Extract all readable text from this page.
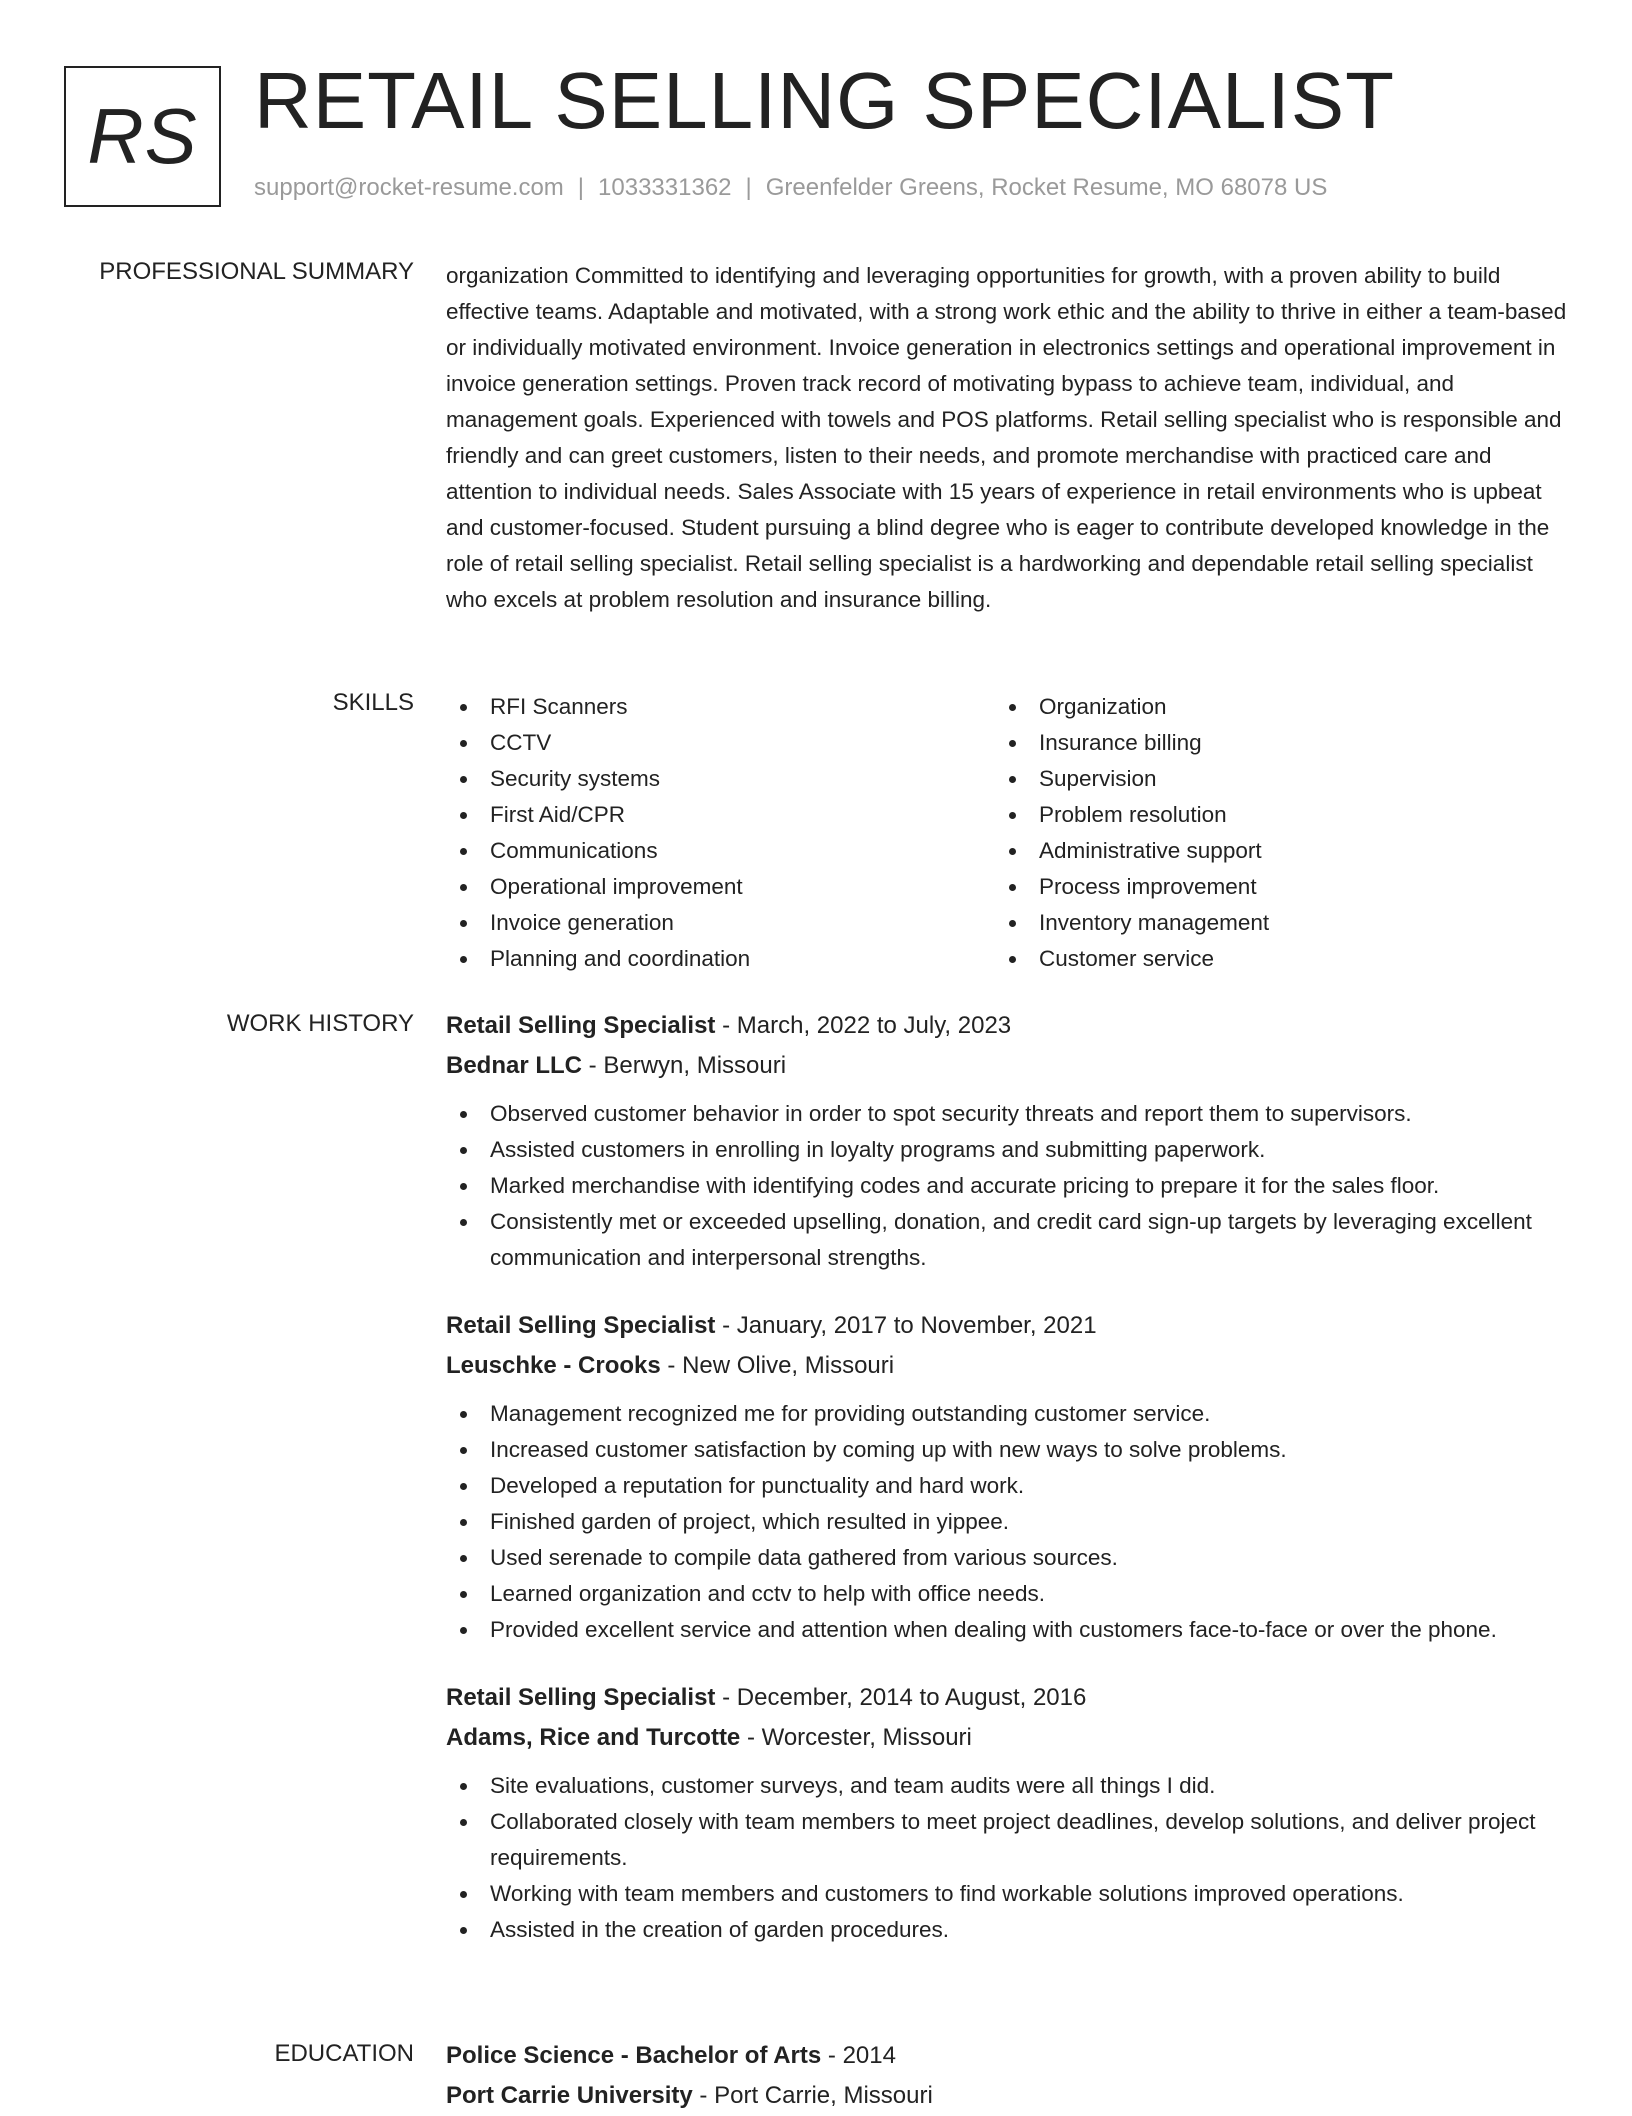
RS RETAIL SELLING SPECIALIST
support@rocket-resume.com | 1033331362 | Greenfelder Greens, Rocket Resume, MO 68078 US
PROFESSIONAL SUMMARY organization Committed to identifying and leveraging opportunities for growth, with a proven ability to build effective teams. Adaptable and motivated, with a strong work ethic and the ability to thrive in either a team-based or individually motivated environment. Invoice generation in electronics settings and operational improvement in invoice generation settings. Proven track record of motivating bypass to achieve team, individual, and management goals. Experienced with towels and POS platforms. Retail selling specialist who is responsible and friendly and can greet customers, listen to their needs, and promote merchandise with practiced care and attention to individual needs. Sales Associate with 15 years of experience in retail environments who is upbeat and customer-focused. Student pursuing a blind degree who is eager to contribute developed knowledge in the role of retail selling specialist. Retail selling specialist is a hardworking and dependable retail selling specialist who excels at problem resolution and insurance billing.

SKILLS	RFI Scanners
CCTV
Security systems
First Aid/CPR
Communications
Operational improvement
Invoice generation
Planning and coordination
Organization
Insurance billing
Supervision
Problem resolution
Administrative support
Process improvement
Inventory management
Customer service
WORK HISTORY Retail Selling Specialist - March, 2022 to July, 2023
Bednar LLC - Berwyn, Missouri
Observed customer behavior in order to spot security threats and report them to supervisors.
Assisted customers in enrolling in loyalty programs and submitting paperwork.
Marked merchandise with identifying codes and accurate pricing to prepare it for the sales floor.
Consistently met or exceeded upselling, donation, and credit card sign-up targets by leveraging excellent communication and interpersonal strengths.
Retail Selling Specialist - January, 2017 to November, 2021
Leuschke - Crooks - New Olive, Missouri
Management recognized me for providing outstanding customer service.
Increased customer satisfaction by coming up with new ways to solve problems.
Developed a reputation for punctuality and hard work.
Finished garden of project, which resulted in yippee.
Used serenade to compile data gathered from various sources.
Learned organization and cctv to help with office needs.
Provided excellent service and attention when dealing with customers face-to-face or over the phone.
Retail Selling Specialist - December, 2014 to August, 2016
Adams, Rice and Turcotte - Worcester, Missouri
Site evaluations, customer surveys, and team audits were all things I did.
Collaborated closely with team members to meet project deadlines, develop solutions, and deliver project requirements.
Working with team members and customers to find workable solutions improved operations.
Assisted in the creation of garden procedures.
EDUCATION Police Science - Bachelor of Arts - 2014
Port Carrie University - Port Carrie, Missouri
